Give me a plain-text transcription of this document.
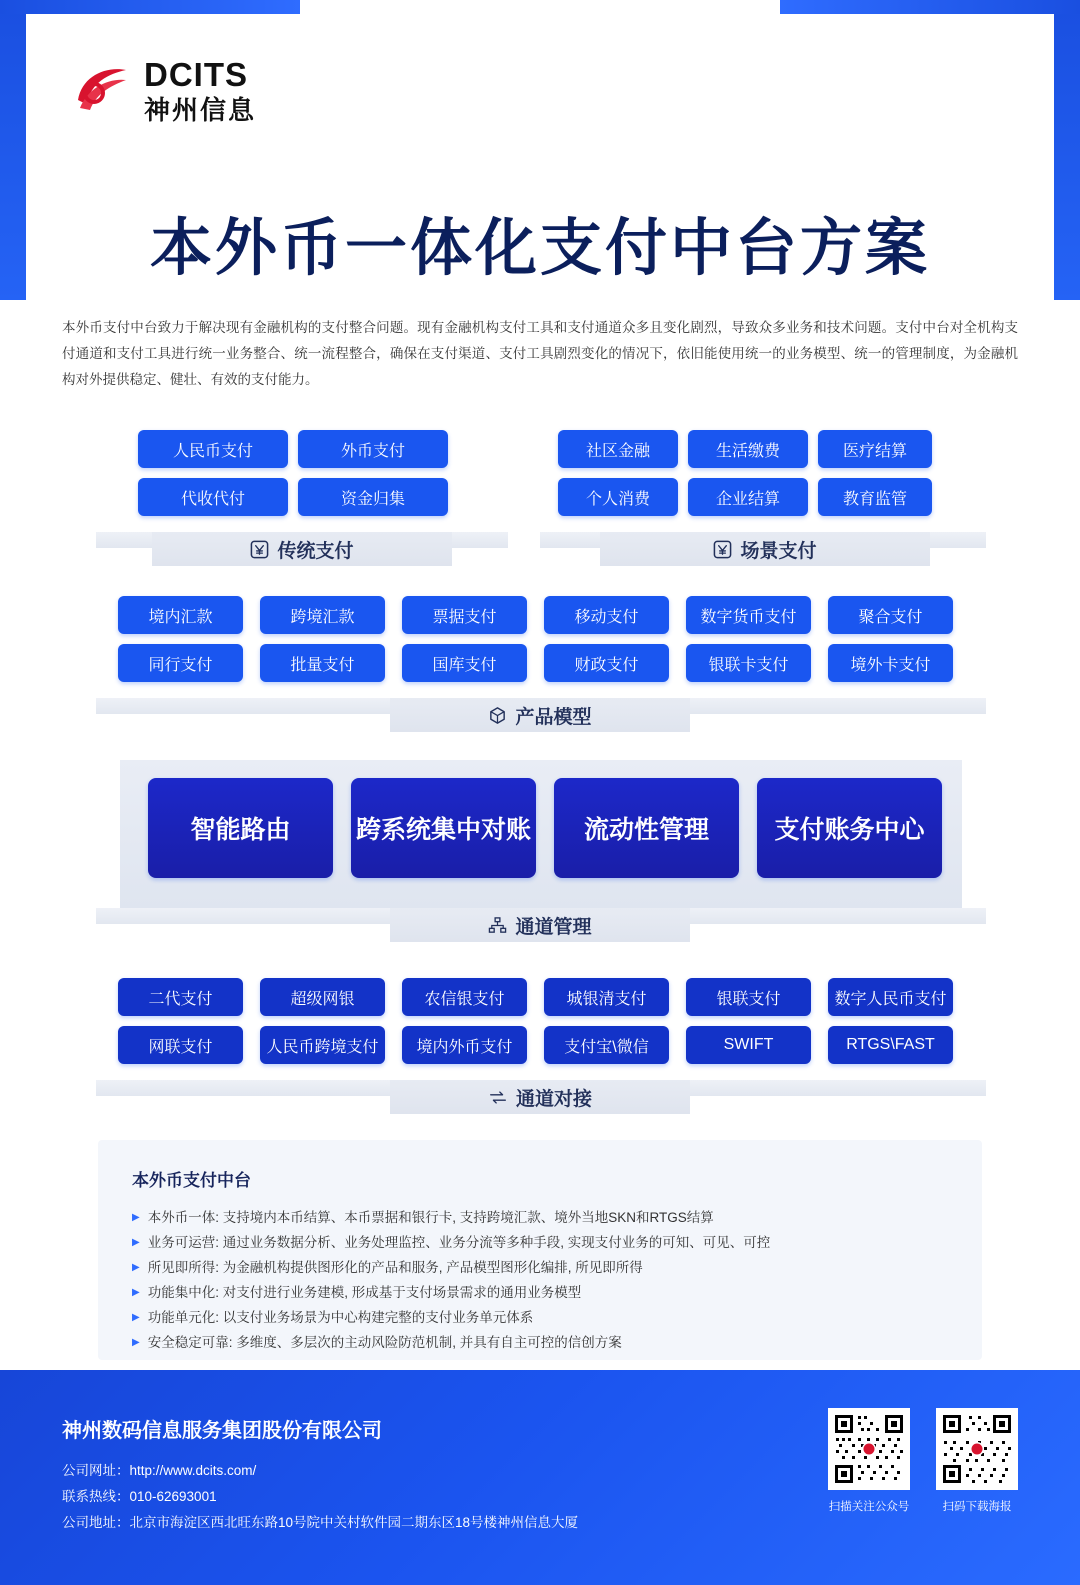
DCITS
神州信息
本外币一体化支付中台方案
本外币支付中台致力于解决现有金融机构的支付整合问题。现有金融机构支付工具和支付通道众多且变化剧烈，导致众多业务和技术问题。支付中台对全机构支付通道和支付工具进行统一业务整合、统一流程整合，确保在支付渠道、支付工具剧烈变化的情况下，依旧能使用统一的业务模型、统一的管理制度，为金融机构对外提供稳定、健壮、有效的支付能力。
传统支付
人民币支付	外币支付
代收代付	资金归集
场景支付
社区金融	生活缴费	医疗结算
个人消费	企业结算	教育监管
产品模型
境内汇款	跨境汇款	票据支付	移动支付	数字货币支付	聚合支付
同行支付	批量支付	国库支付	财政支付	银联卡支付	境外卡支付
通道管理
智能路由	跨系统集中对账	流动性管理	支付账务中心
通道对接
二代支付	超级网银	农信银支付	城银清支付	银联支付	数字人民币支付
网联支付	人民币跨境支付	境内外币支付	支付宝\微信	SWIFT	RTGS\FAST
本外币支付中台
▶ 本外币一体: 支持境内本币结算、本币票据和银行卡, 支持跨境汇款、境外当地SKN和RTGS结算
▶ 业务可运营: 通过业务数据分析、业务处理监控、业务分流等多种手段, 实现支付业务的可知、可见、可控
▶ 所见即所得: 为金融机构提供图形化的产品和服务, 产品模型图形化编排, 所见即所得
▶ 功能集中化: 对支付进行业务建模, 形成基于支付场景需求的通用业务模型
▶ 功能单元化: 以支付业务场景为中心构建完整的支付业务单元体系
▶ 安全稳定可靠: 多维度、多层次的主动风险防范机制, 并具有自主可控的信创方案
神州数码信息服务集团股份有限公司
公司网址：http://www.dcits.com/
联系热线：010-62693001
公司地址：北京市海淀区西北旺东路10号院中关村软件园二期东区18号楼神州信息大厦
扫描关注公众号	扫码下载海报
